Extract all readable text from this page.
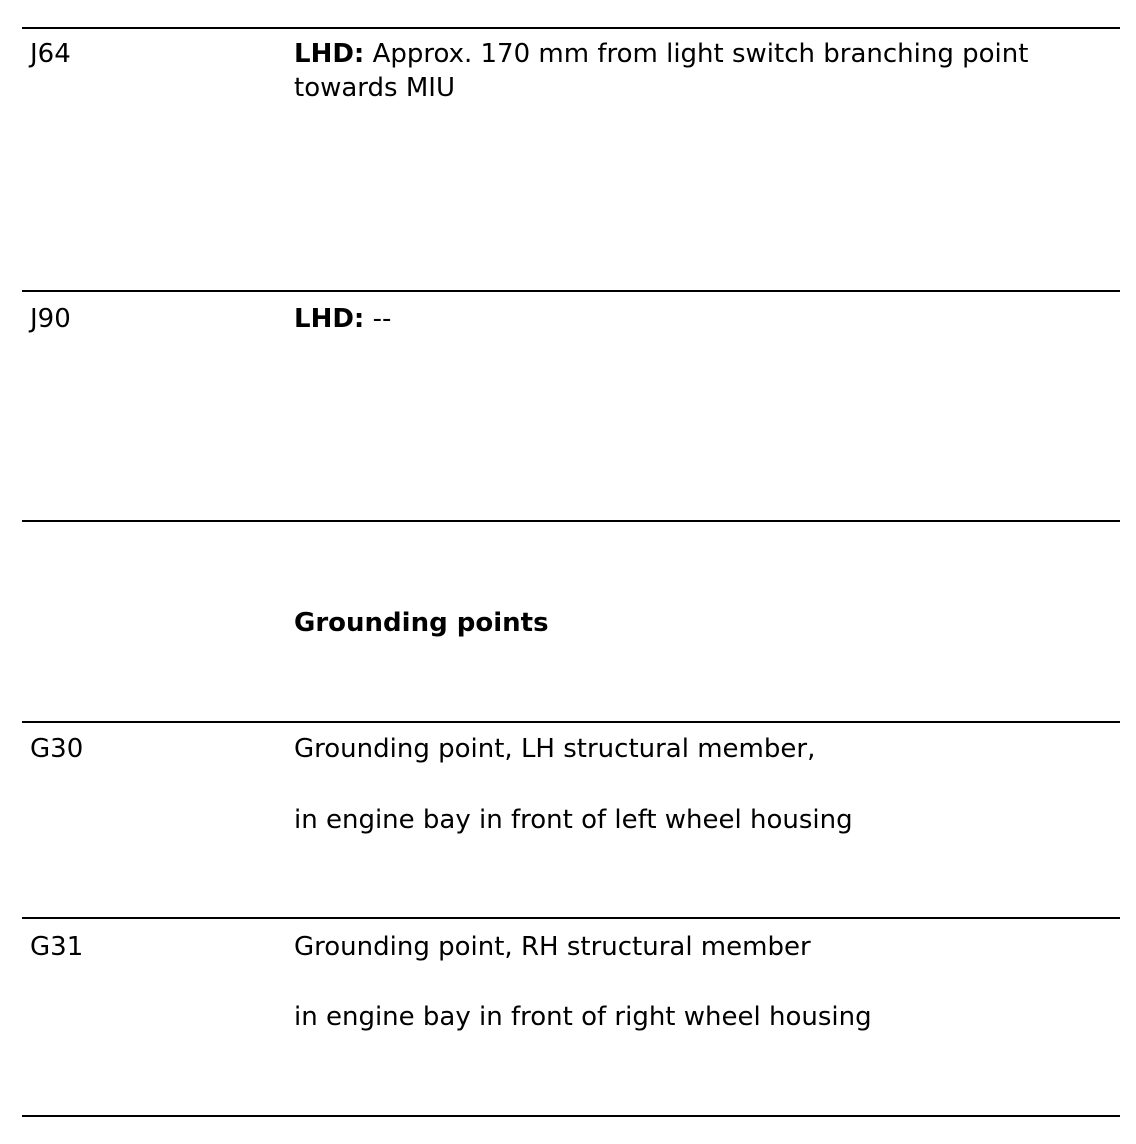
J64	LHD: Approx. 170 mm from light switch branching point towards MIU
J90	LHD: --
Grounding points
G30	Grounding point, LH structural member,
in engine bay in front of left wheel housing
G31	Grounding point, RH structural member
in engine bay in front of right wheel housing
